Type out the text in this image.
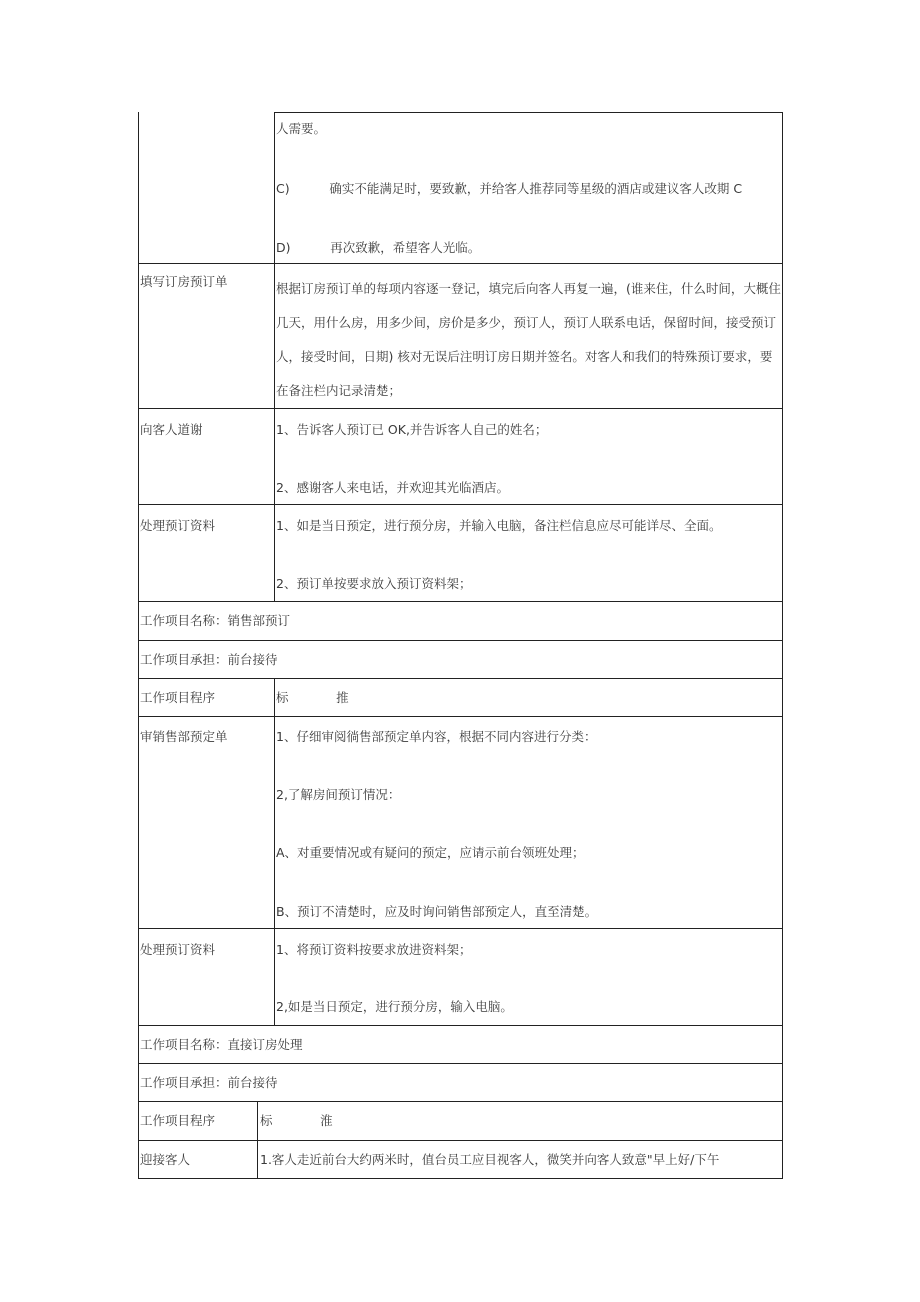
人需要。
C)          确实不能满足时，要致歉，并给客人推荐同等星级的酒店或建议客人改期 C
D)          再次致歉，希望客人光临。
填写订房预订单	根据订房预订单的每项内容逐一登记，填完后向客人再复一遍，(谁来住，什么时间，大概住几天，用什么房，用多少间，房价是多少，预订人，预订人联系电话，保留时间，接受预订人，接受时间，日期) 核对无误后注明订房日期并签名。对客人和我们的特殊预订要求，要在备注栏内记录清楚；
向客人道谢	1、告诉客人预订已 OK,并告诉客人自己的姓名；
2、感谢客人来电话，并欢迎其光临酒店。
处理预订资料	1、如是当日预定，进行预分房，并输入电脑，备注栏信息应尽可能详尽、全面。
2、预订单按要求放入预订资料架；
工作项目名称：销售部预订
工作项目承担：前台接待
工作项目程序	标            推
审销售部预定单	1、仔细审阅徜售部预定单内容，根据不同内容进行分类：
2,了解房间预订情况：
A、对重要情况或有疑问的预定，应请示前台领班处理；
B、预订不清楚时，应及时询问销售部预定人，直至清楚。
处理预订资料	1、将预订资料按要求放进资料架；
2,如是当日预定，进行预分房，输入电脑。
工作项目名称：直接订房处理
工作项目承担：前台接待
工作项目程序	标            淮
迎接客人	1.客人走近前台大约两米时，值台员工应目视客人，微笑并向客人致意"早上好/下午
